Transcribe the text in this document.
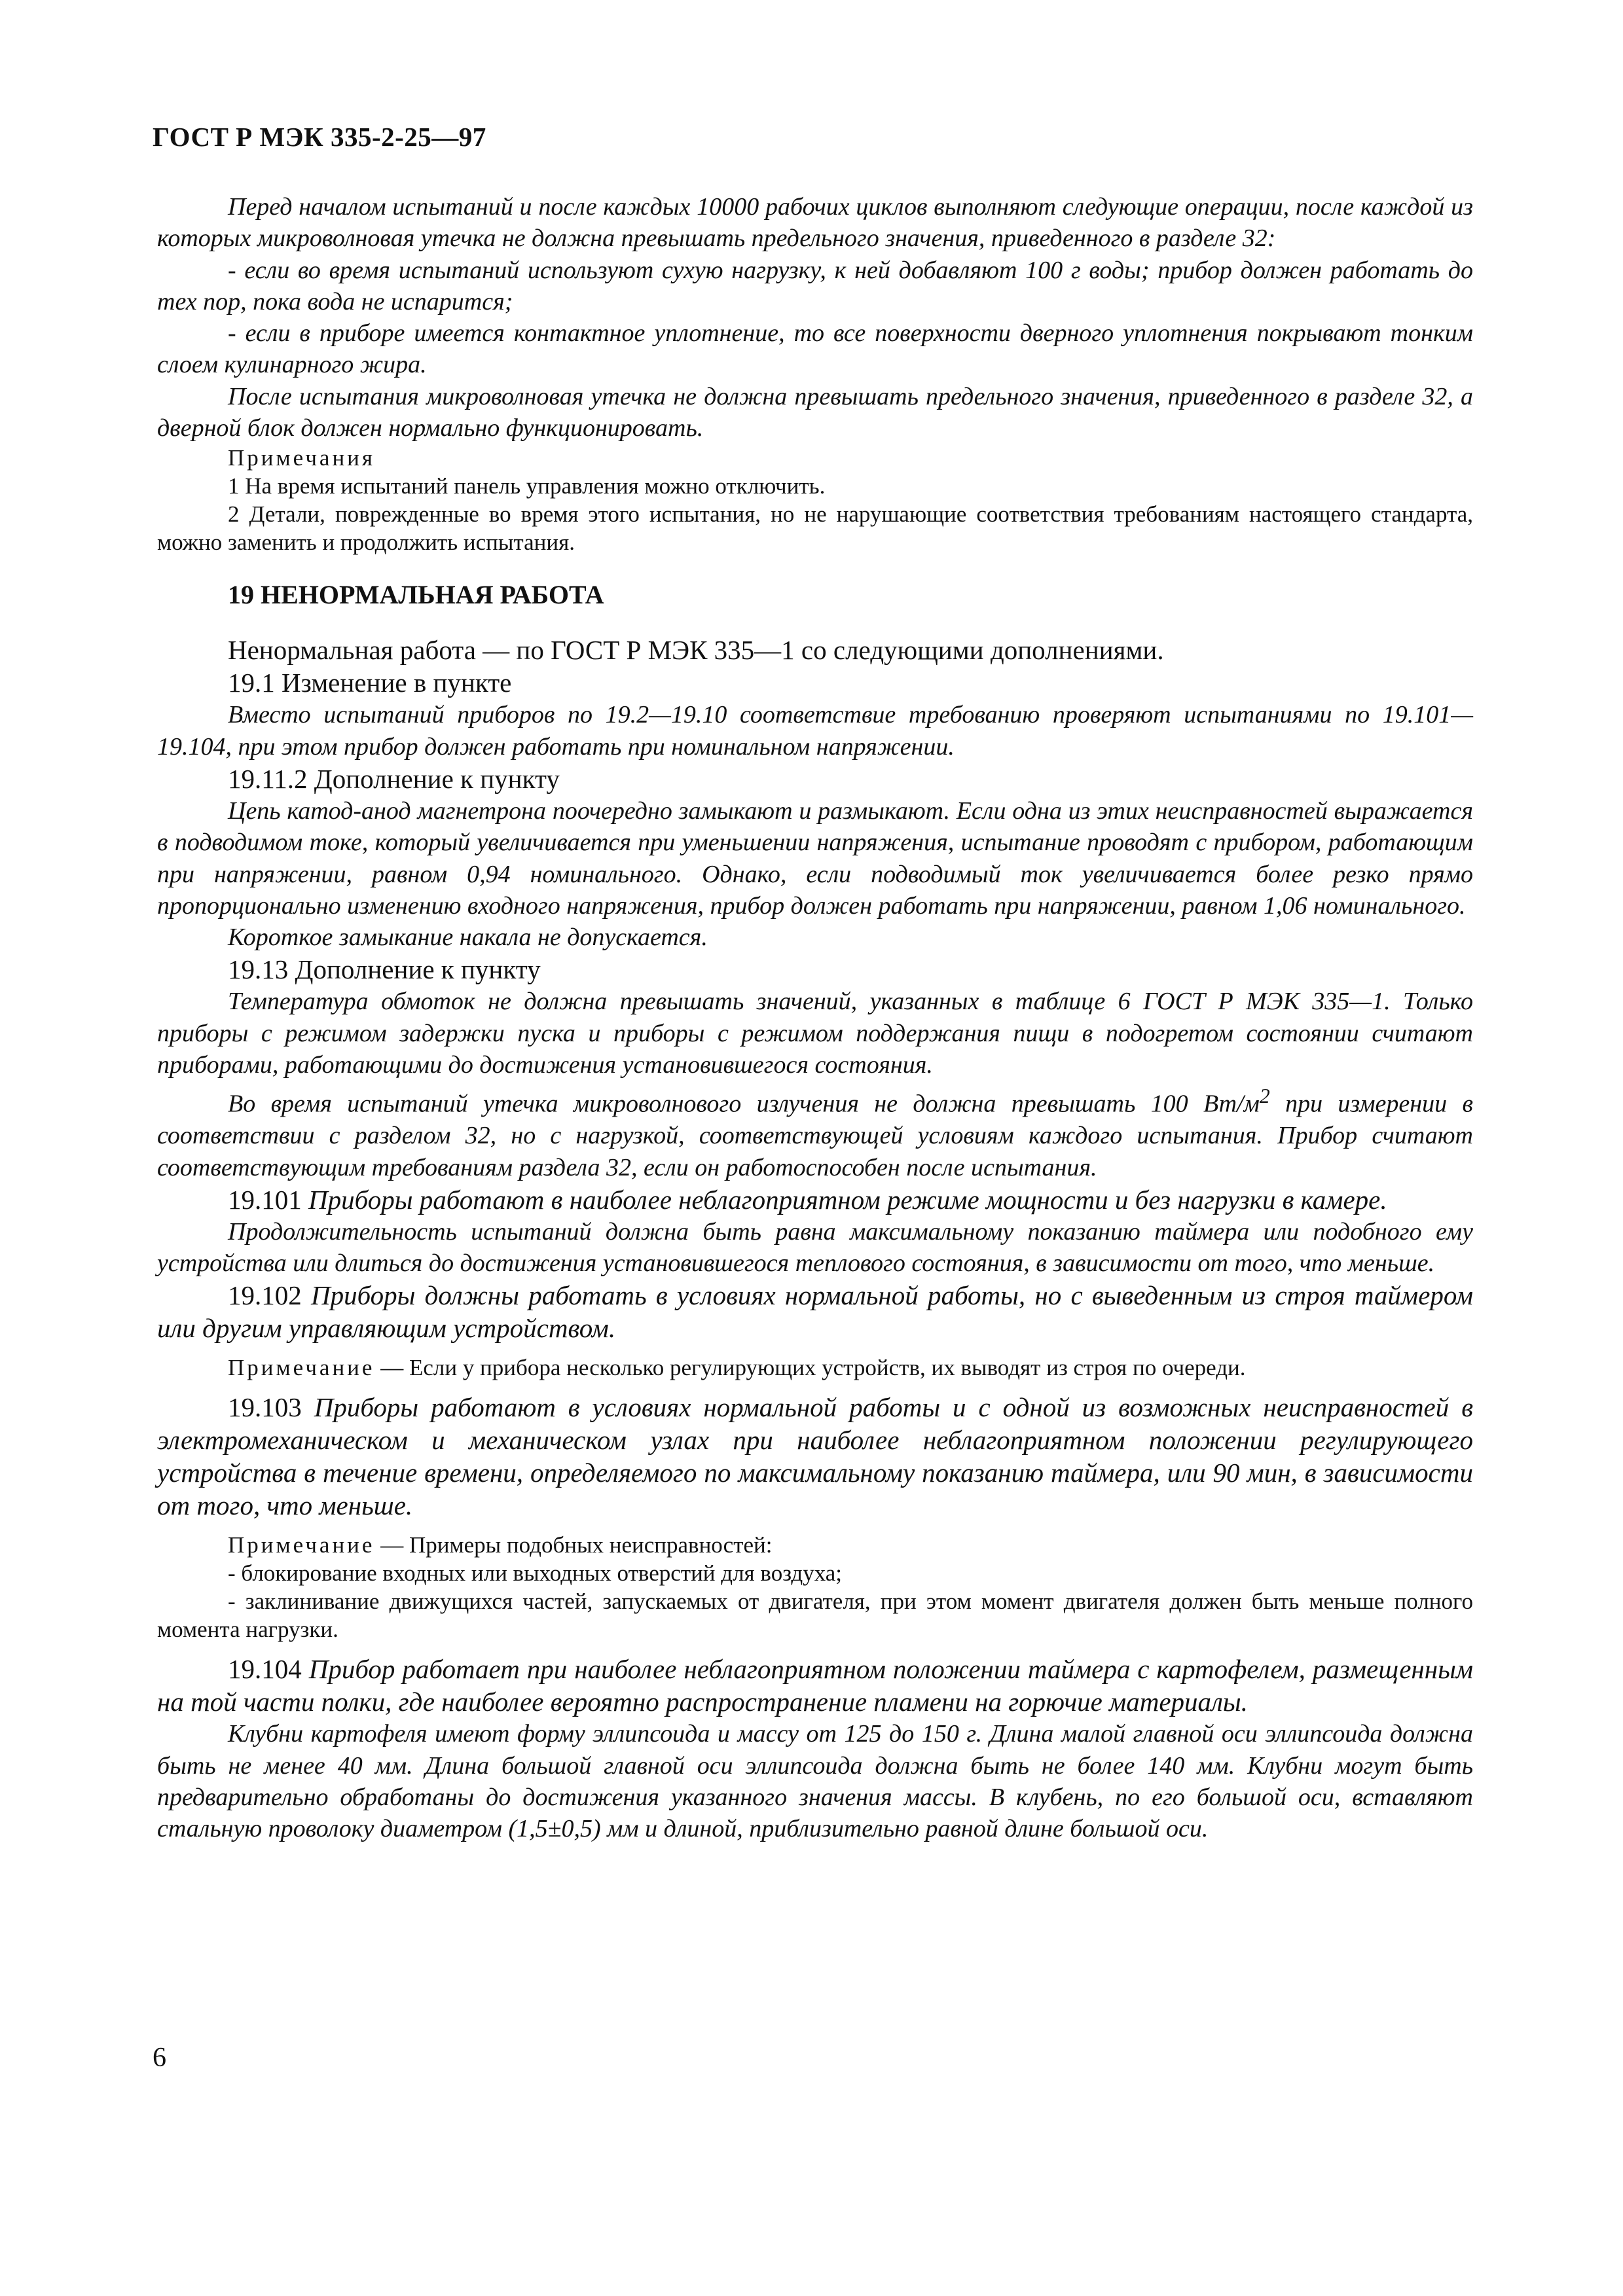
ГОСТ Р МЭК 335-2-25—97

Перед началом испытаний и после каждых 10000 рабочих циклов выполняют следующие операции, после каждой из которых микроволновая утечка не должна превышать предельного значения, приведенного в разделе 32:

- если во время испытаний используют сухую нагрузку, к ней добавляют 100 г воды; прибор должен работать до тех пор, пока вода не испарится;

- если в приборе имеется контактное уплотнение, то все поверхности дверного уплотнения покрывают тонким слоем кулинарного жира.

После испытания микроволновая утечка не должна превышать предельного значения, приведенного в разделе 32, а дверной блок должен нормально функционировать.

Примечания

1 На время испытаний панель управления можно отключить.

2 Детали, поврежденные во время этого испытания, но не нарушающие соответствия требованиям настоящего стандарта, можно заменить и продолжить испытания.

19 НЕНОРМАЛЬНАЯ РАБОТА

Ненормальная работа — по ГОСТ Р МЭК 335—1 со следующими дополнениями.

19.1 Изменение в пункте

Вместо испытаний приборов по 19.2—19.10 соответствие требованию проверяют испытаниями по 19.101—19.104, при этом прибор должен работать при номинальном напряжении.

19.11.2 Дополнение к пункту

Цепь катод-анод магнетрона поочередно замыкают и размыкают. Если одна из этих неисправностей выражается в подводимом токе, который увеличивается при уменьшении напряжения, испытание проводят с прибором, работающим при напряжении, равном 0,94 номинального. Однако, если подводимый ток увеличивается более резко прямо пропорционально изменению входного напряжения, прибор должен работать при напряжении, равном 1,06 номинального.

Короткое замыкание накала не допускается.

19.13 Дополнение к пункту

Температура обмоток не должна превышать значений, указанных в таблице 6 ГОСТ Р МЭК 335—1. Только приборы с режимом задержки пуска и приборы с режимом поддержания пищи в подогретом состоянии считают приборами, работающими до достижения установившегося состояния.

Во время испытаний утечка микроволнового излучения не должна превышать 100 $Вт/м^2$ при измерении в соответствии с разделом 32, но с нагрузкой, соответствующей условиям каждого испытания. Прибор считают соответствующим требованиям раздела 32, если он работоспособен после испытания.

19.101 Приборы работают в наиболее неблагоприятном режиме мощности и без нагрузки в камере.

Продолжительность испытаний должна быть равна максимальному показанию таймера или подобного ему устройства или длиться до достижения установившегося теплового состояния, в зависимости от того, что меньше.

19.102 Приборы должны работать в условиях нормальной работы, но с выведенным из строя таймером или другим управляющим устройством.

Примечание — Если у прибора несколько регулирующих устройств, их выводят из строя по очереди.

19.103 Приборы работают в условиях нормальной работы и с одной из возможных неисправностей в электромеханическом и механическом узлах при наиболее неблагоприятном положении регулирующего устройства в течение времени, определяемого по максимальному показанию таймера, или 90 мин, в зависимости от того, что меньше.

Примечание — Примеры подобных неисправностей:

- блокирование входных или выходных отверстий для воздуха;

- заклинивание движущихся частей, запускаемых от двигателя, при этом момент двигателя должен быть меньше полного момента нагрузки.

19.104 Прибор работает при наиболее неблагоприятном положении таймера с картофелем, размещенным на той части полки, где наиболее вероятно распространение пламени на горючие материалы.

Клубни картофеля имеют форму эллипсоида и массу от 125 до 150 г. Длина малой главной оси эллипсоида должна быть не менее 40 мм. Длина большой главной оси эллипсоида должна быть не более 140 мм. Клубни могут быть предварительно обработаны до достижения указанного значения массы. В клубень, по его большой оси, вставляют стальную проволоку диаметром (1,5±0,5) мм и длиной, приблизительно равной длине большой оси.

6
